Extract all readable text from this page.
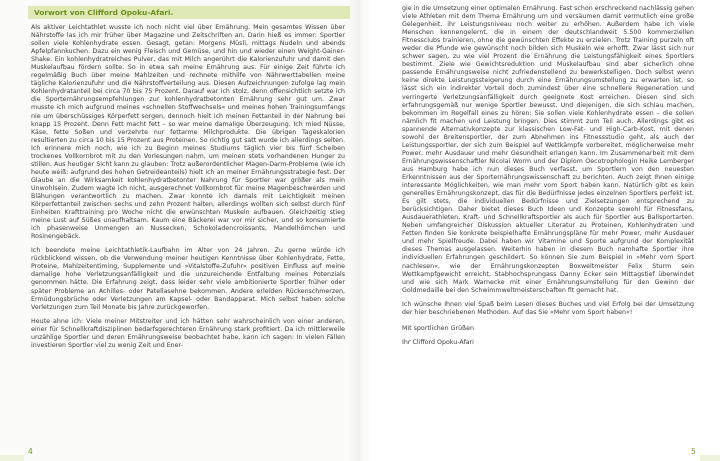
Vorwort von Clifford Opoku-Afari.

Als aktiver Leichtathlet wusste ich noch nicht viel über Ernährung. Mein gesamtes Wissen über Nährstoffe las ich mir früher über Magazine und Zeitschriften an. Darin hieß es immer: Sportler sollen viele Kohlenhydrate essen. Gesagt, getan: Morgens Müsli, mittags Nudeln und abends Apfelpfannkuchen. Dazu ein wenig Fleisch und Gemüse, und hin und wieder einen Weight-Gainer-Shake. Ein kohlenhydratreiches Pulver, das mit Milch angerührt die Kalorienzufuhr und damit den Muskelaufbau fördern sollte. So in etwa sah meine Ernährung aus. Für einige Zeit führte ich regelmäßig Buch über meine Mahlzeiten und rechnete mithilfe von Nährwerttabellen meine tägliche Kalorienzufuhr und die Nährstoffverteilung aus. Diesen Aufzeichnungen zufolge lag mein Kohlenhydratanteil bei circa 70 bis 75 Prozent. Darauf war ich stolz, denn offensichtlich setzte ich die Sporternährungsempfehlungen zur kohlenhydratbetonten Ernährung sehr gut um. Zwar musste ich mich aufgrund meines »schnellen Stoffwechsels« und meines hohen Trainingsumfangs nie um überschüssiges Körperfett sorgen, dennoch hielt ich meinen Fettanteil in der Nahrung bei knapp 15 Prozent. Denn Fett macht fett – so war meine damalige Überzeugung. Ich mied Nüsse, Käse, fette Soßen und verzehrte nur fettarme Milchprodukte. Die übrigen Tageskalorien resultierten zu circa 10 bis 15 Prozent aus Proteinen. So richtig gut satt wurde ich allerdings selten. Ich erinnere mich noch, wie ich zu Beginn meines Studiums täglich vier bis fünf Scheiben trockenes Vollkornbrot mit zu den Vorlesungen nahm, um meinen stets vorhandenen Hunger zu stillen. Aus heutiger Sicht kann zu glauben: Trotz außerordentlicher Magen-Darm-Probleme (wie ich heute weiß: aufgrund des hohen Getreideanteils) hielt ich an meiner Ernährungsstrategie fest. Der Glaube an die Wirksamkeit kohlenhydratbetonter Nahrung für Sportler war größer als mein Unwohlsein. Zudem wagte ich nicht, ausgerechnet Vollkornbrot für meine Magenbeschwerden und Blähungen verantwortlich zu machen. Zwar konnte ich damals mit Leichtigkeit meinen Körperfettanteil zwischen sechs und zehn Prozent halten, allerdings wollten sich selbst durch fünf Einheiten Krafttraining pro Woche nicht die erwünschten Muskeln aufbauen. Gleichzeitig stieg meine Lust auf Süßes unaufhaltsam. Kaum eine Bäckerei war vor mir sicher, und so konsumierte ich phasenweise Unmengen an Nussecken, Schokoladencroissants, Mandelhörnchen und Rosinengebäck.

Ich beendete meine Leichtathletik-Laufbahn im Alter von 24 Jahren. Zu gerne würde ich rückblickend wissen, ob die Verwendung meiner heutigen Kenntnisse über Kohlenhydrate, Fette, Proteine, Mahlzeitentiming, Supplemente und »Vitalstoffe-Zufuhr« positiven Einfluss auf meine damalige hohe Verletzungsanfälligkeit und die unzureichende Entfaltung meines Potenzials genommen hätte. Die Erfahrung zeigt, dass leider sehr viele ambitionierte Sportler früher oder später Probleme an Achilles- oder Patellasehne bekommen. Andere erleiden Rückenschmerzen, Ermüdungsbrüche oder Verletzungen am Kapsel- oder Bandapparat. Mich selbst haben solche Verletzungen zum Teil Monate bis Jahre zurückgeworfen.

Heute ahne ich: Viele meiner Mitstreiter und ich hätten sehr wahrscheinlich von einer anderen, einer für Schnellkraftdisziplinen bedarfsgerechteren Ernährung stark profitiert. Da ich mittlerweile unzählige Sportler und deren Ernährungsweise beobachtet habe, kann ich sagen: In vielen Fällen investieren Sportler viel zu wenig Zeit und Ener-

gie in die Umsetzung einer optimalen Ernährung. Fast schon erschreckend nachlässig gehen viele Athleten mit dem Thema Ernährung um und versäumen damit vermutlich eine große Gelegenheit, ihr Leistungsniveau noch weiter zu erhöhen. Außerdem habe ich viele Menschen kennengelernt, die in einem der deutschlandweit 5.500 kommerziellen Fitnessclubs trainieren, ohne die gewünschten Effekte zu erzielen. Trotz Training purzeln oft weder die Pfunde wie gewünscht noch bilden sich Muskeln wie erhofft. Zwar lässt sich nur schwer sagen, zu wie viel Prozent die Ernährung die Leistungsfähigkeit eines Sportlers bestimmt. Ziele wie Gewichtsreduktion und Muskelaufbau sind aber sicherlich ohne passende Ernährungsweise nicht zufriedenstellend zu bewerkstelligen. Doch selbst wenn keine direkte Leistungssteigerung durch eine Ernährungsumstellung zu erwarten ist, so lässt sich ein indirekter Vorteil doch zumindest über eine schnellere Regeneration und verringerte Verletzungsanfälligkeit durch geeignete Kost erreichen. Diesen sind sich erfahrungsgemäß nur wenige Sportler bewusst. Und diejenigen, die sich schlau machen, bekommen im Regelfall eines zu hören: Sie sollen viele Kohlenhydrate essen – die sollen nämlich fit machen und Leistung bringen. Dies stimmt zum Teil auch. Allerdings gibt es spannende Alternativkonzepte zur klassischen Low-Fat- und High-Carb-Kost, mit denen sowohl der Breitensportler, der zum Abnehmen ins Fitnessstudio geht, als auch der Leistungssportler, der sich zum Beispiel auf Wettkämpfe vorbereitet, möglicherweise mehr Power, mehr Ausdauer und mehr Gesundheit erlangen kann. Im Zusammenarbeit mit dem Ernährungswissenschaftler Nicolai Worm und der Diplom Oecotrophologin Heike Lemberger aus Hamburg habe ich nun dieses Buch verfasst, um Sportlern von den neuesten Erkenntnissen aus der Sporternährungswissenschaft zu berichten. Auch zeigt Ihnen einige interessante Möglichkeiten, wie man mehr vom Sport haben kann. Natürlich gibt es kein generelles Ernährungskonzept, das für die Bedürfnisse jedes einzelnen Sportlers perfekt ist. Es gilt stets, die individuellen Bedürfnisse und Zielsetzungen entsprechend zu berücksichtigen. Daher bietet dieses Buch Ideen und Konzepte sowohl für Fitnessfans, Ausdauerathleten, Kraft- und Schnellkraftsportler als auch für Sportler aus Ballsportarten. Neben umfangreicher Diskussion aktueller Literatur zu Proteinen, Kohlenhydraten und Fetten finden Sie konkrete beispielhafte Ernährungspläne für mehr Power, mehr Ausdauer und mehr Spielfreude. Dabei haben wir Vitamine und Sporte aufgrund der Komplexität dieses Themas ausgelassen. Weiterhin haben in diesem Buch namhafte Sportler ihre individuellen Erfahrungen geschildert. So können Sie zum Beispiel in »Mehr vom Sport nachlesen«, wie der Ernährungskonzepten Boxweltmeister Felix Sturm sein Wettkampfgewicht erreicht, Stabhochsprungass Danny Ecker sein Mittagstief überwindet und wie sich Mark Warnecke mit einer Ernährungsumstellung für den Gewinn der Goldmedaille bei den Schwimmweltmeisterschaften fit gemacht hat.

Ich wünsche Ihnen viel Spaß beim Lesen dieses Buches und viel Erfolg bei der Umsetzung der hier beschriebenen Methoden. Auf das Sie »Mehr vom Sport haben«!

Mit sportlichen Grüßen

Ihr Clifford Opoku-Afari

4	5
